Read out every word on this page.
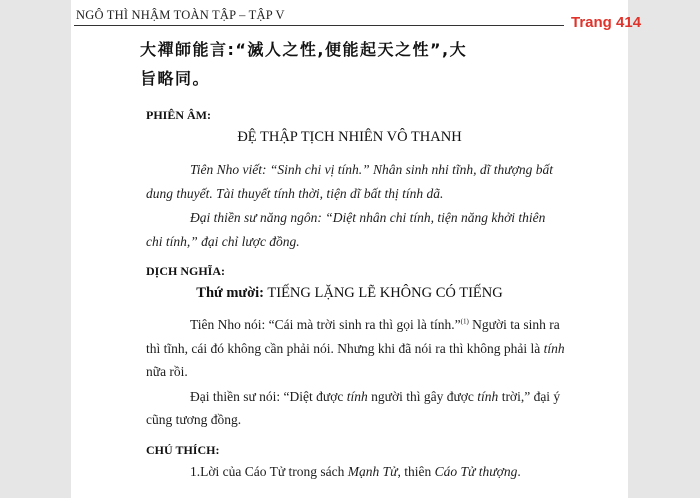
NGÔ THÌ NHẬM TOÀN TẬP – TẬP V	Trang 414
大禪師能言:“滅人之性,便能起天之性”,大
旨略同。
PHIÊN ÂM:
ĐỆ THẬP TỊCH NHIÊN VÔ THANH
Tiên Nho viết: “Sinh chi vị tính.” Nhân sinh nhi tĩnh, dĩ thượng bất
dung thuyết. Tài thuyết tính thời, tiện dĩ bất thị tính dã.
Đại thiền sư năng ngôn: “Diệt nhân chi tính, tiện năng khởi thiên
chi tính,” đại chỉ lược đồng.
DỊCH NGHĨA:
Thứ mười: TIẾNG LẶNG LẼ KHÔNG CÓ TIẾNG
Tiên Nho nói: “Cái mà trời sinh ra thì gọi là tính.”$^{(1)}$ Người ta sinh ra
thì tĩnh, cái đó không cần phải nói. Nhưng khi đã nói ra thì không phải là tính
nữa rồi.
Đại thiền sư nói: “Diệt được tính người thì gây được tính trời,” đại ý
cũng tương đồng.
CHÚ THÍCH:
1.Lời của Cáo Tử trong sách Mạnh Tử, thiên Cáo Tử thượng.
